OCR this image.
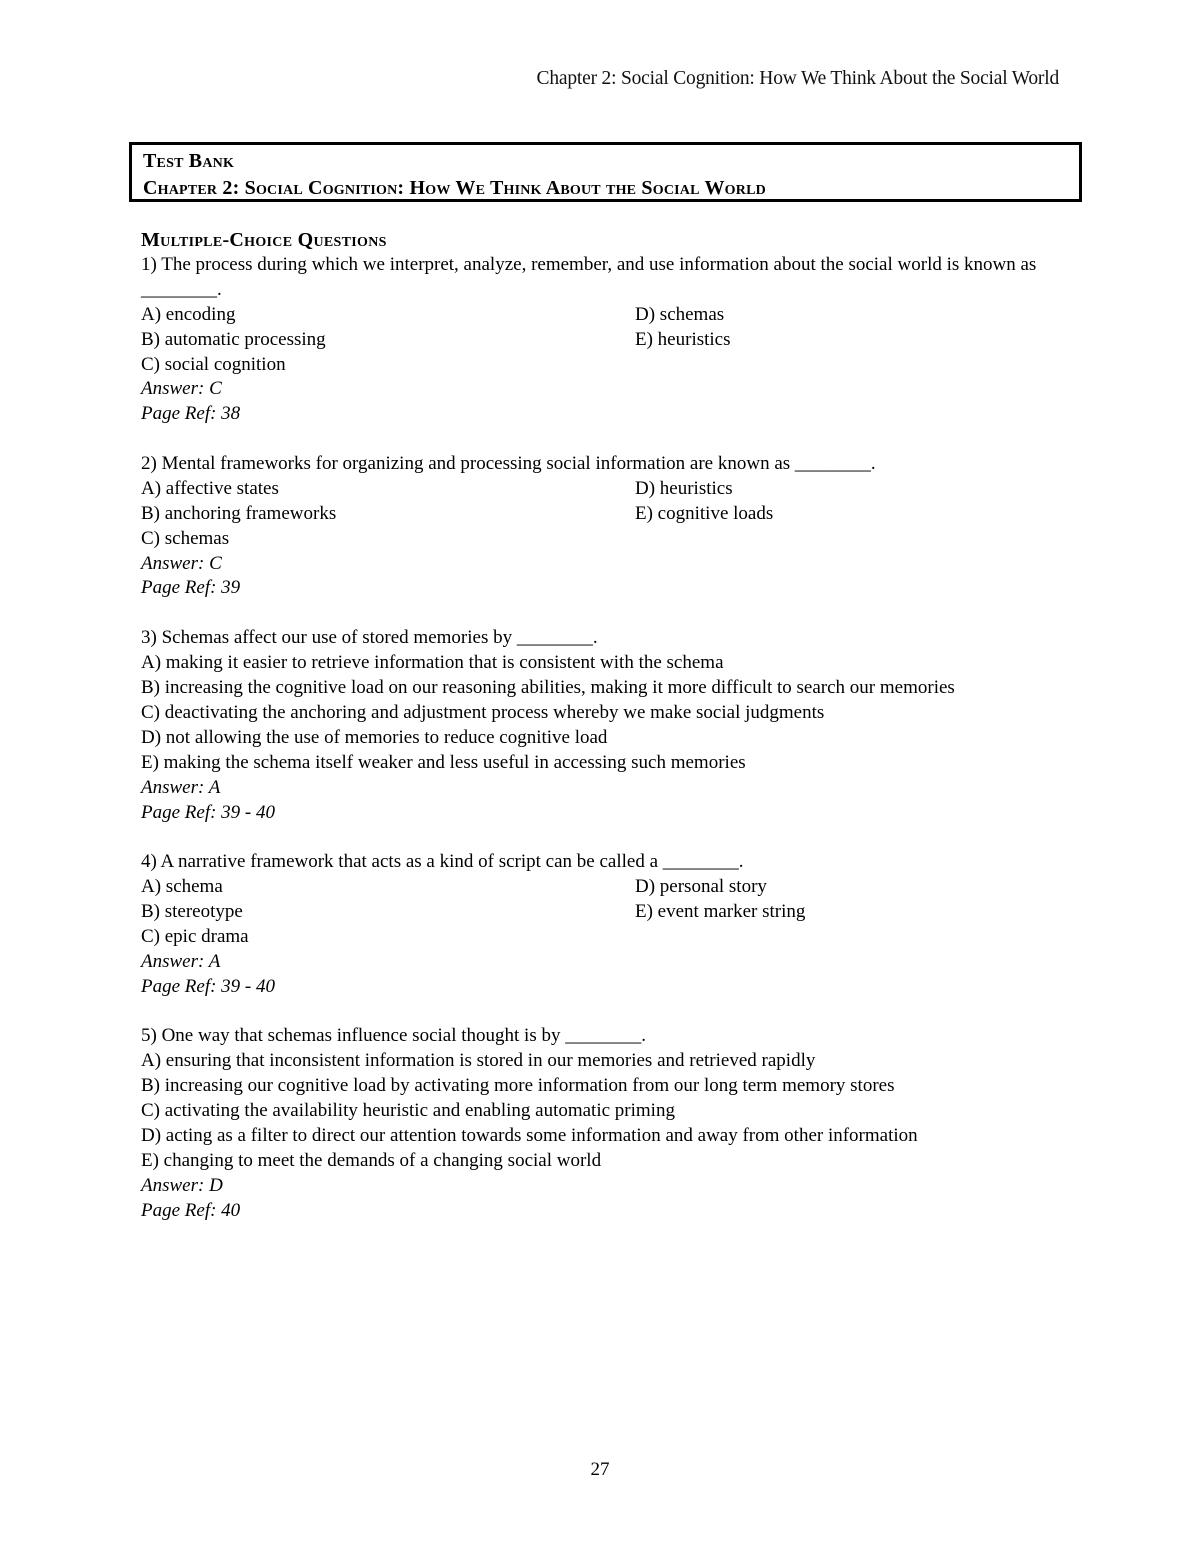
Chapter 2: Social Cognition: How We Think About the Social World
Test Bank
Chapter 2: Social Cognition: How We Think About the Social World
Multiple-Choice Questions
1) The process during which we interpret, analyze, remember, and use information about the social world is known as ________.
A) encoding
B) automatic processing
C) social cognition
D) schemas
E) heuristics
Answer: C
Page Ref: 38
2) Mental frameworks for organizing and processing social information are known as ________.
A) affective states
B) anchoring frameworks
C) schemas
D) heuristics
E) cognitive loads
Answer: C
Page Ref: 39
3) Schemas affect our use of stored memories by ________.
A) making it easier to retrieve information that is consistent with the schema
B) increasing the cognitive load on our reasoning abilities, making it more difficult to search our memories
C) deactivating the anchoring and adjustment process whereby we make social judgments
D) not allowing the use of memories to reduce cognitive load
E) making the schema itself weaker and less useful in accessing such memories
Answer: A
Page Ref: 39 - 40
4) A narrative framework that acts as a kind of script can be called a ________.
A) schema
B) stereotype
C) epic drama
D) personal story
E) event marker string
Answer: A
Page Ref: 39 - 40
5) One way that schemas influence social thought is by ________.
A) ensuring that inconsistent information is stored in our memories and retrieved rapidly
B) increasing our cognitive load by activating more information from our long term memory stores
C) activating the availability heuristic and enabling automatic priming
D) acting as a filter to direct our attention towards some information and away from other information
E) changing to meet the demands of a changing social world
Answer: D
Page Ref: 40
27
